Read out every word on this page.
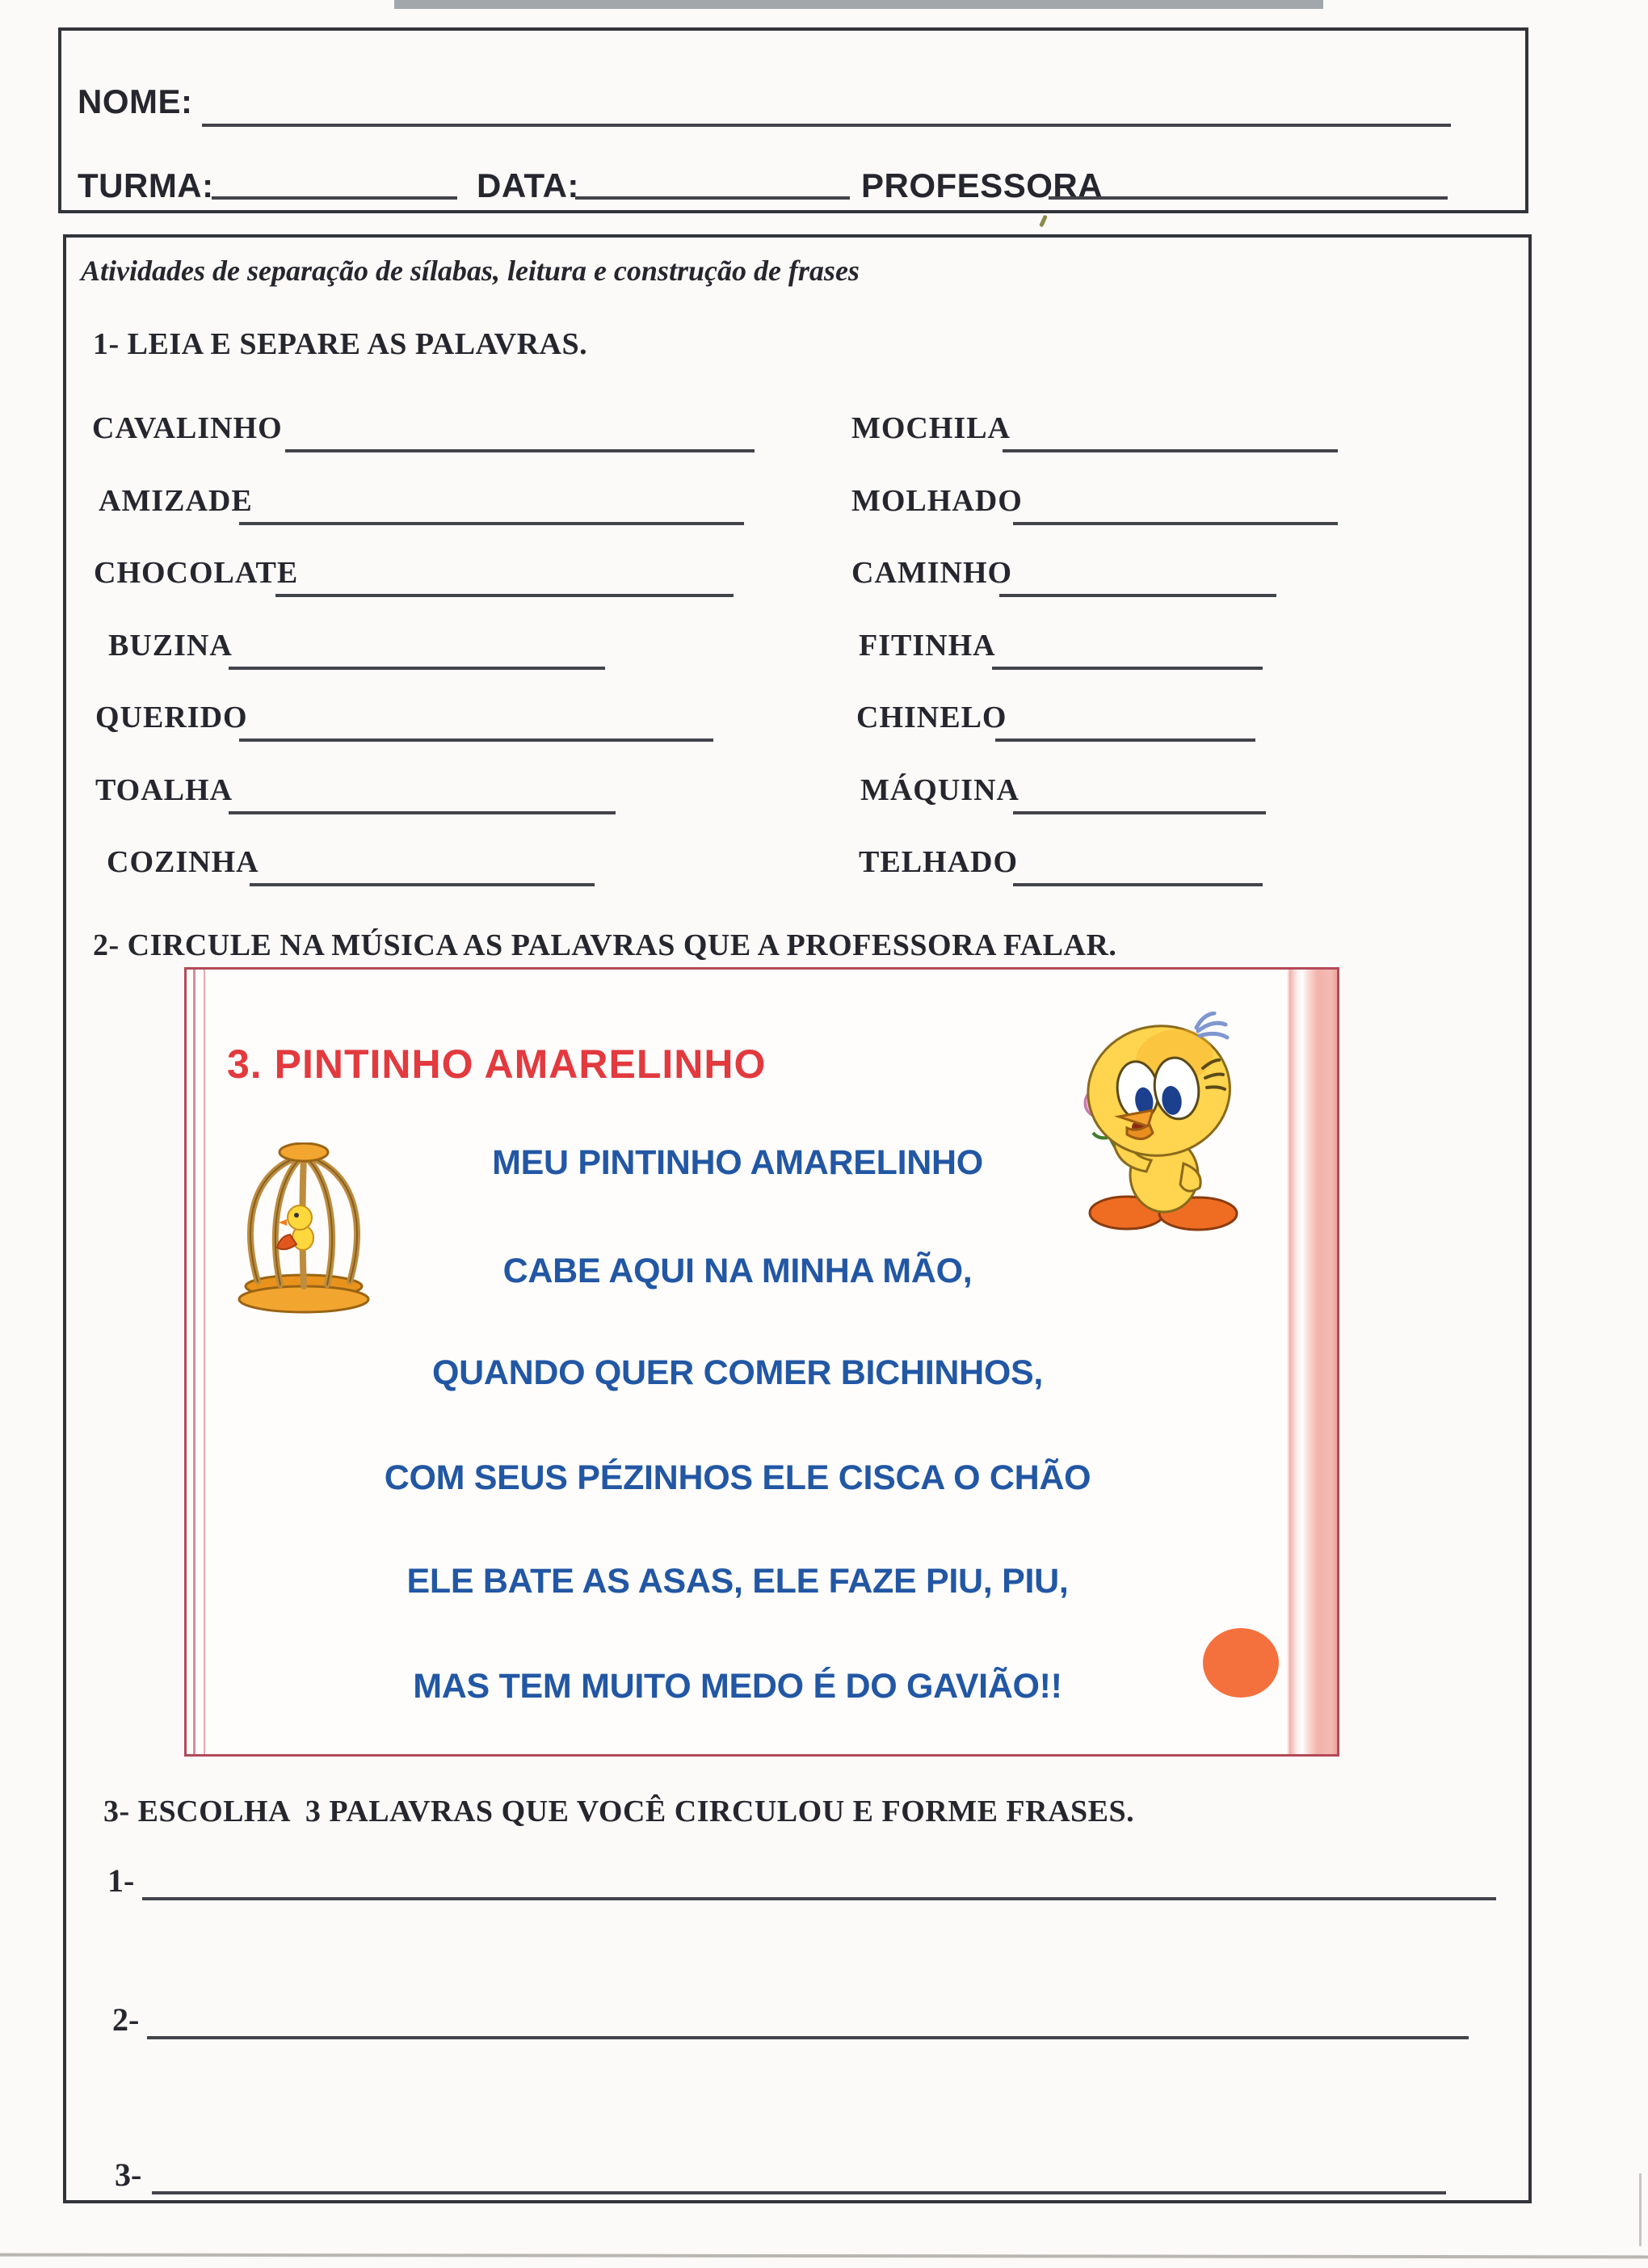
NOME:
TURMA:	DATA:	PROFESSORA
Atividades de separação de sílabas, leitura e construção de frases
1- LEIA E SEPARE AS PALAVRAS.
CAVALINHO	MOCHILA
AMIZADE	MOLHADO
CHOCOLATE	CAMINHO
BUZINA	FITINHA
QUERIDO	CHINELO
TOALHA	MÁQUINA
COZINHA	TELHADO
2- CIRCULE NA MÚSICA AS PALAVRAS QUE A PROFESSORA FALAR.
3. PINTINHO AMARELINHO
MEU PINTINHO AMARELINHO
CABE AQUI NA MINHA MÃO,
QUANDO QUER COMER BICHINHOS,
COM SEUS PÉZINHOS ELE CISCA O CHÃO
ELE BATE AS ASAS, ELE FAZE PIU, PIU,
MAS TEM MUITO MEDO É DO GAVIÃO!!
3- ESCOLHA  3 PALAVRAS QUE VOCÊ CIRCULOU E FORME FRASES.
1-
2-
3-
